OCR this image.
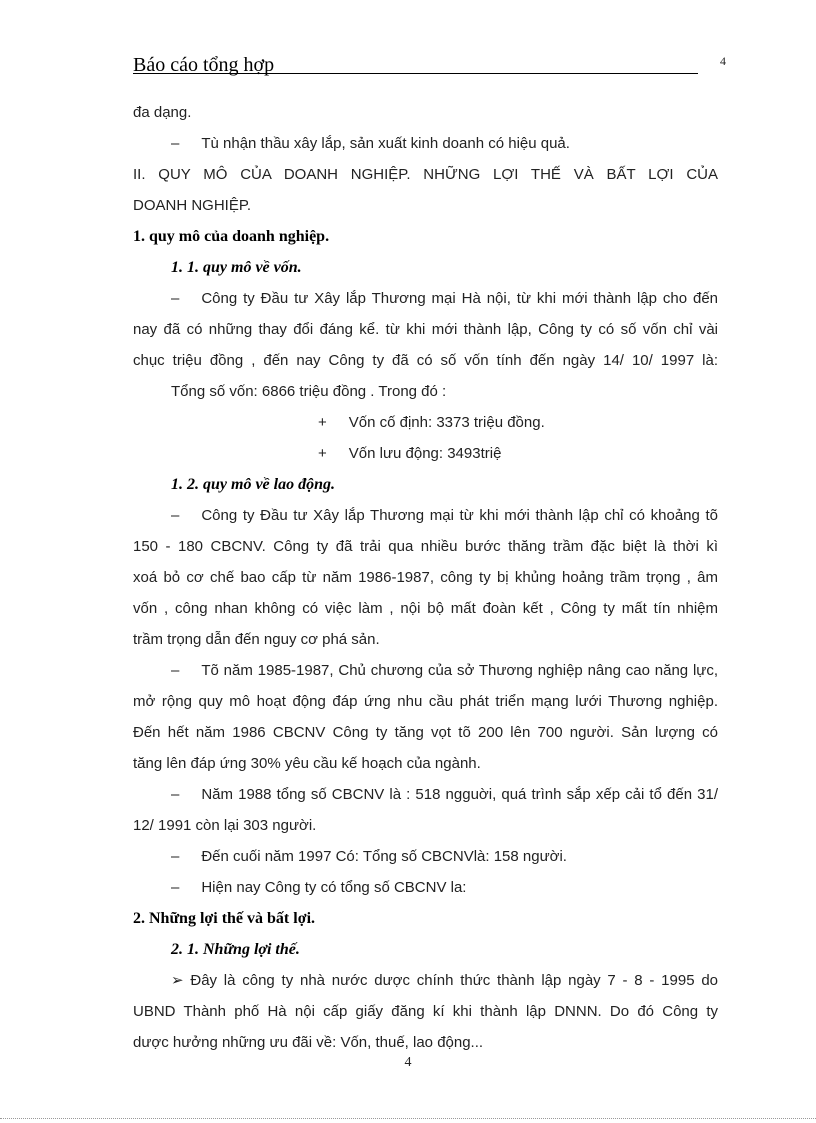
Báo cáo tổng hợp	4
đa dạng.
– Tù nhận thầu xây lắp, sản xuất kinh doanh có hiệu quả.
II. QUY MÔ CỦA DOANH NGHIỆP. NHỮNG LỢI THẾ VÀ BẤT LỢI CỦA
DOANH NGHIỆP.
1. quy mô của doanh nghiệp.
1. 1. quy mô về vốn.
– Công ty Đầu tư Xây lắp Thương mại Hà nội, từ khi mới thành lập cho đến
nay đã có những thay đổi đáng kể. từ khi mới thành lập, Công ty có số vốn chỉ vài
chục triệu đồng , đến nay Công ty đã có số vốn tính đến ngày 14/ 10/ 1997 là:
Tổng số vốn: 6866 triệu đồng . Trong đó :
+ Vốn cố định: 3373 triệu đồng.
+ Vốn lưu động: 3493triệ
1. 2. quy mô về lao động.
– Công ty Đầu tư Xây lắp Thương mại từ khi mới thành lập chỉ có khoảng tõ
150 - 180 CBCNV. Công ty đã trải qua nhiều bước thăng trầm đặc biệt là thời kì
xoá bỏ cơ chế bao cấp từ năm 1986-1987, công ty bị khủng hoảng trầm trọng , âm
vốn , công nhan không có việc làm , nội bộ mất đoàn kết , Công ty mất tín nhiệm
trầm trọng dẫn đến nguy cơ phá sản.
– Tõ năm 1985-1987, Chủ chương của sở Thương nghiệp nâng cao năng lực,
mở rộng quy mô hoạt động đáp ứng nhu cầu phát triển mạng lưới Thương nghiệp.
Đến hết năm 1986 CBCNV Công ty tăng vọt tõ 200 lên 700 người. Sản lượng có
tăng lên đáp ứng 30% yêu cầu kế hoạch của ngành.
– Năm 1988 tổng số CBCNV là : 518 ngguời, quá trình sắp xếp cải tổ đến 31/
12/ 1991 còn lại 303 người.
– Đến cuối năm 1997 Có: Tổng số CBCNVlà: 158 người.
– Hiện nay Công ty có tổng số CBCNV la:
2. Những lợi thế và bất lợi.
2. 1. Những lợi thế.
➢ Đây là công ty nhà nước dược chính thức thành lập ngày 7 - 8 - 1995 do
UBND Thành phố Hà nội cấp giấy đăng kí khi thành lập DNNN. Do đó Công ty
dược hưởng những ưu đãi về: Vốn, thuế, lao động...
4
